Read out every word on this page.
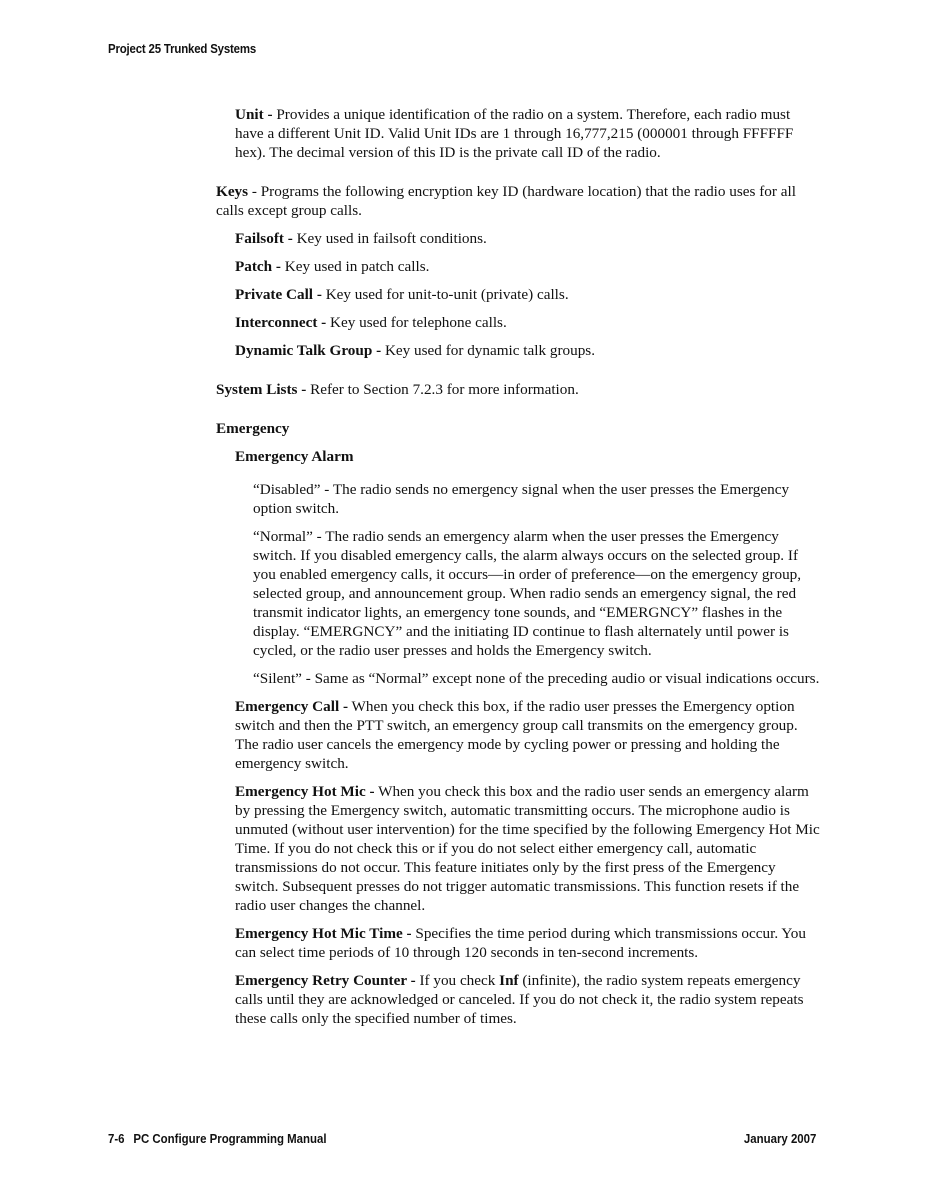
Project 25 Trunked Systems

Unit - Provides a unique identification of the radio on a system. Therefore, each radio must have a different Unit ID. Valid Unit IDs are 1 through 16,777,215 (000001 through FFFFFF hex). The decimal version of this ID is the private call ID of the radio.

Keys - Programs the following encryption key ID (hardware location) that the radio uses for all calls except group calls.

Failsoft - Key used in failsoft conditions.

Patch - Key used in patch calls.

Private Call - Key used for unit-to-unit (private) calls.

Interconnect - Key used for telephone calls.

Dynamic Talk Group - Key used for dynamic talk groups.

System Lists - Refer to Section 7.2.3 for more information.

Emergency

Emergency Alarm

“Disabled” - The radio sends no emergency signal when the user presses the Emergency option switch.

“Normal” - The radio sends an emergency alarm when the user presses the Emergency switch. If you disabled emergency calls, the alarm always occurs on the selected group. If you enabled emergency calls, it occurs—in order of preference—on the emergency group, selected group, and announcement group. When radio sends an emergency signal, the red transmit indicator lights, an emergency tone sounds, and “EMERGNCY” flashes in the display. “EMERGNCY” and the initiating ID continue to flash alternately until power is cycled, or the radio user presses and holds the Emergency switch.

“Silent” - Same as “Normal” except none of the preceding audio or visual indications occurs.

Emergency Call - When you check this box, if the radio user presses the Emergency option switch and then the PTT switch, an emergency group call transmits on the emergency group. The radio user cancels the emergency mode by cycling power or pressing and holding the emergency switch.

Emergency Hot Mic - When you check this box and the radio user sends an emergency alarm by pressing the Emergency switch, automatic transmitting occurs. The microphone audio is unmuted (without user intervention) for the time specified by the following Emergency Hot Mic Time. If you do not check this or if you do not select either emergency call, automatic transmissions do not occur. This feature initiates only by the first press of the Emergency switch. Subsequent presses do not trigger automatic transmissions. This function resets if the radio user changes the channel.

Emergency Hot Mic Time - Specifies the time period during which transmissions occur. You can select time periods of 10 through 120 seconds in ten-second increments.

Emergency Retry Counter - If you check Inf (infinite), the radio system repeats emergency calls until they are acknowledged or canceled. If you do not check it, the radio system repeats these calls only the specified number of times.

7-6 PC Configure Programming Manual	January 2007
